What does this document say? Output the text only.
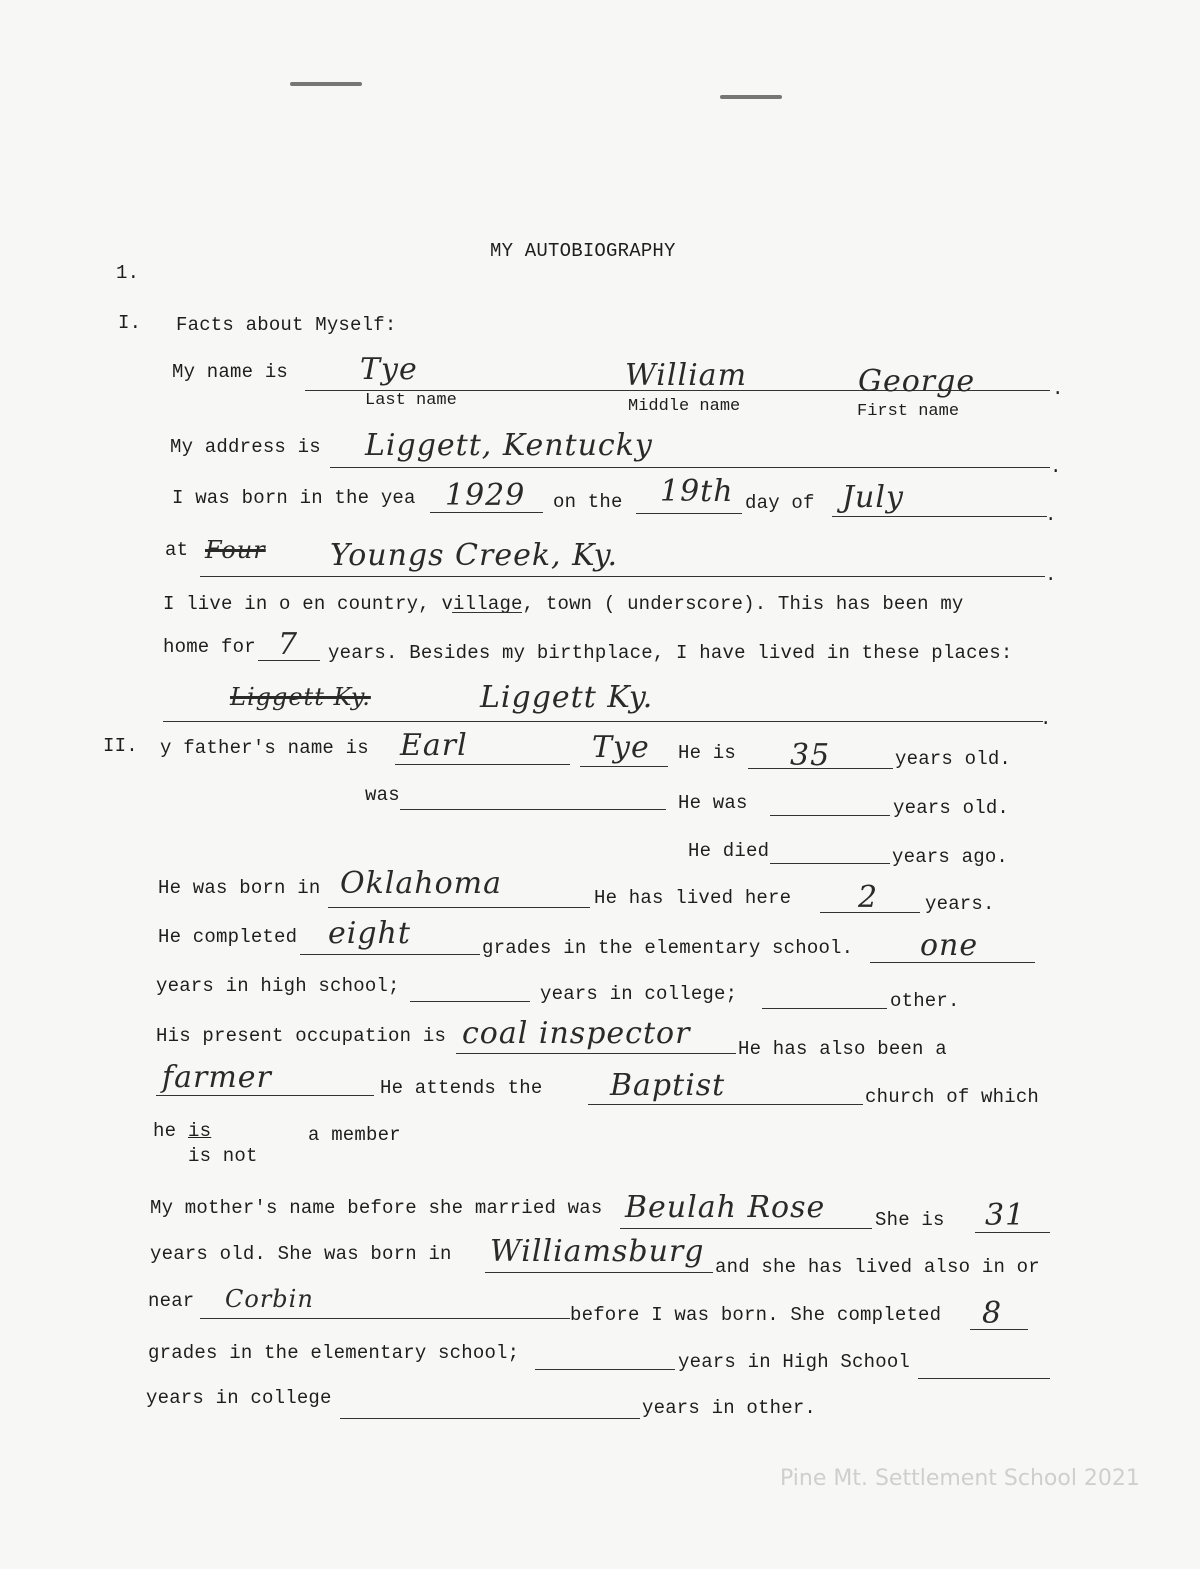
MY AUTOBIOGRAPHY
1.
I. Facts about Myself:
My name is
.
Tye	William	George
Last name	Middle name	First name
My address is
.
Liggett, Kentucky
I was born in the yea 1929 on the 19th day of
.
July
at
.
Four Youngs Creek, Ky.
I live in o en country, village, town ( underscore). This has been my
home for 7 years. Besides my birthplace, I have lived in these places:
.
Liggett Ky.	Liggett Ky.
II. y father's name is Earl	Tye He is 35	years old.
was	He was	years old.
He died	years ago.
He was born in Oklahoma	He has lived here 2 years.
He completed eight	grades in the elementary school. one
years in high school;	years in college;	other.
His present occupation is coal inspector	He has also been a
farmer	He attends the Baptist	church of which
he is	a member
is not
My mother's name before she married was Beulah Rose	She is 31
years old. She was born in Williamsburg and she has lived also in or
near Corbin
before I was born. She completed 8
grades in the elementary school;	years in High School
years in college	years in other.
Pine Mt. Settlement School 2021
